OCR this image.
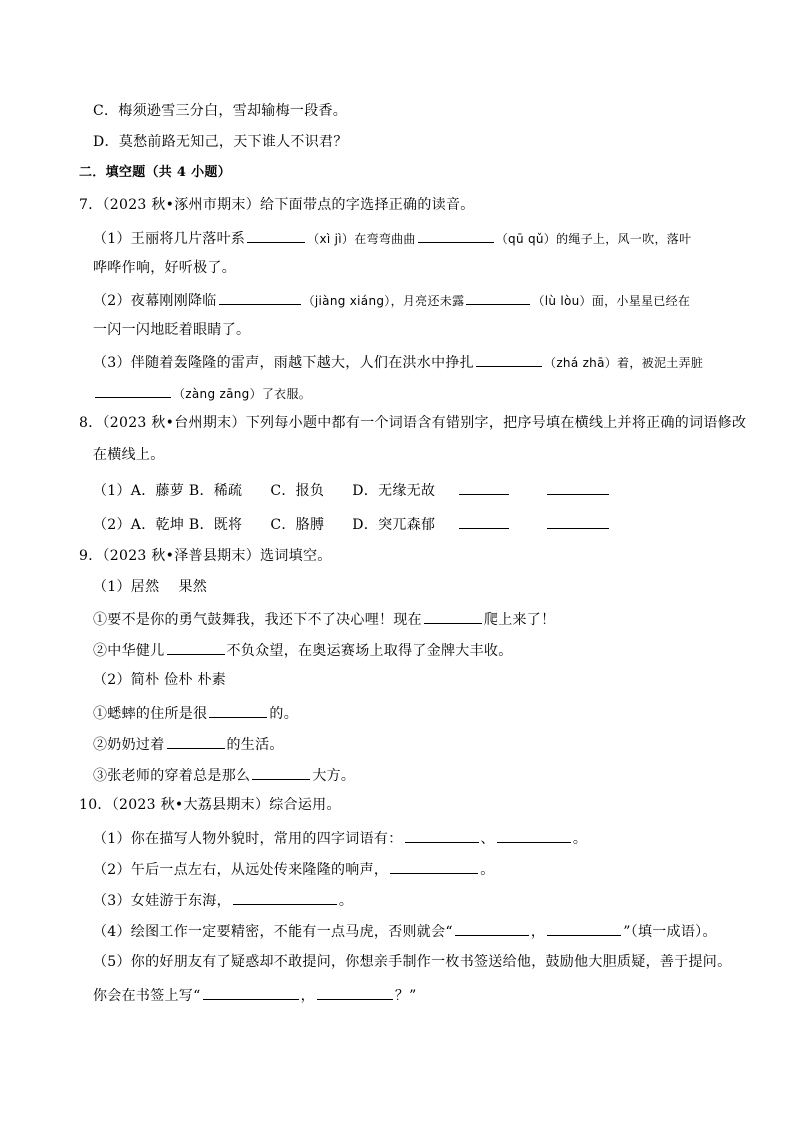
C．梅须逊雪三分白，雪却输梅一段香。
D．莫愁前路无知己，天下谁人不识君？
二．填空题（共 4 小题）
7．（2023 秋•涿州市期末）给下面带点的字选择正确的读音。
（1）王丽将几片落叶系	（xì jì）在弯弯曲曲	（qū qǔ）的绳子上，风一吹，落叶
哗哗作响，好听极了。
（2）夜幕刚刚降临	（jiàng xiáng），月亮还未露	（lù lòu）面，小星星已经在
一闪一闪地眨着眼睛了。
（3）伴随着轰隆隆的雷声，雨越下越大，人们在洪水中挣扎	（zhá zhā）着，被泥土弄脏
（zàng zāng）了衣服。
8．（2023 秋•台州期末）下列每小题中都有一个词语含有错别字，把序号填在横线上并将正确的词语修改
在横线上。
（1）A．藤萝 B．稀疏 C．报负 D．无缘无故
（2）A．乾坤 B．既将 C．胳膊 D．突兀森郁
9．（2023 秋•泽普县期末）选词填空。
（1）居然　 果然
①要不是你的勇气鼓舞我，我还下不了决心哩！现在	爬上来了！
②中华健儿	不负众望，在奥运赛场上取得了金牌大丰收。
（2）简朴 俭朴 朴素
①蟋蟀的住所是很	的。
②奶奶过着	的生活。
③张老师的穿着总是那么	大方。
10．（2023 秋•大荔县期末）综合运用。
（1）你在描写人物外貌时，常用的四字词语有：	、	。
（2）午后一点左右，从远处传来隆隆的响声，	。
（3）女娃游于东海，	。
（4）绘图工作一定要精密，不能有一点马虎，否则就会“	，	”（填一成语）。
（5）你的好朋友有了疑惑却不敢提问，你想亲手制作一枚书签送给他，鼓励他大胆质疑，善于提问。
你会在书签上写“	，	？”
